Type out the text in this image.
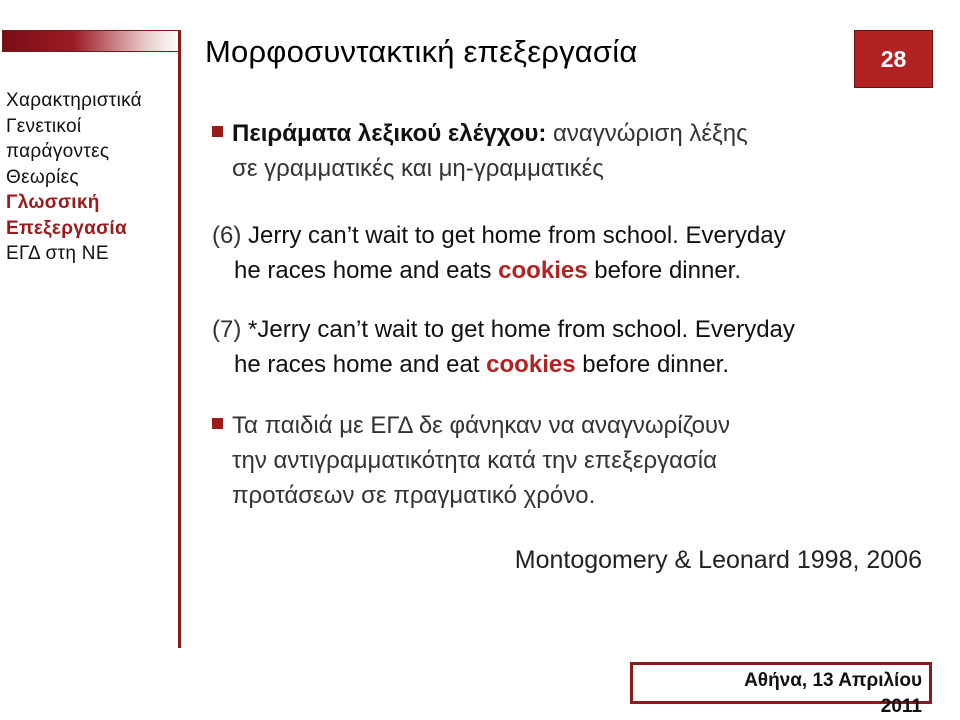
Χαρακτηριστικά
Γενετικοί
παράγοντες
Θεωρίες
Γλωσσική
Επεξεργασία
ΕΓΔ στη ΝΕ
Μορφοσυντακτική επεξεργασία	28
Πειράματα λεξικού ελέγχου: αναγνώριση λέξης
σε γραμματικές και μη-γραμματικές
(6) Jerry can’t wait to get home from school. Everyday
he races home and eats cookies before dinner.
(7) *Jerry can’t wait to get home from school. Everyday
he races home and eat cookies before dinner.
Τα παιδιά με ΕΓΔ δε φάνηκαν να αναγνωρίζουν
την αντιγραμματικότητα κατά την επεξεργασία
προτάσεων σε πραγματικό χρόνο.
Montogomery & Leonard 1998, 2006
Αθήνα, 13 Απριλίου
2011
